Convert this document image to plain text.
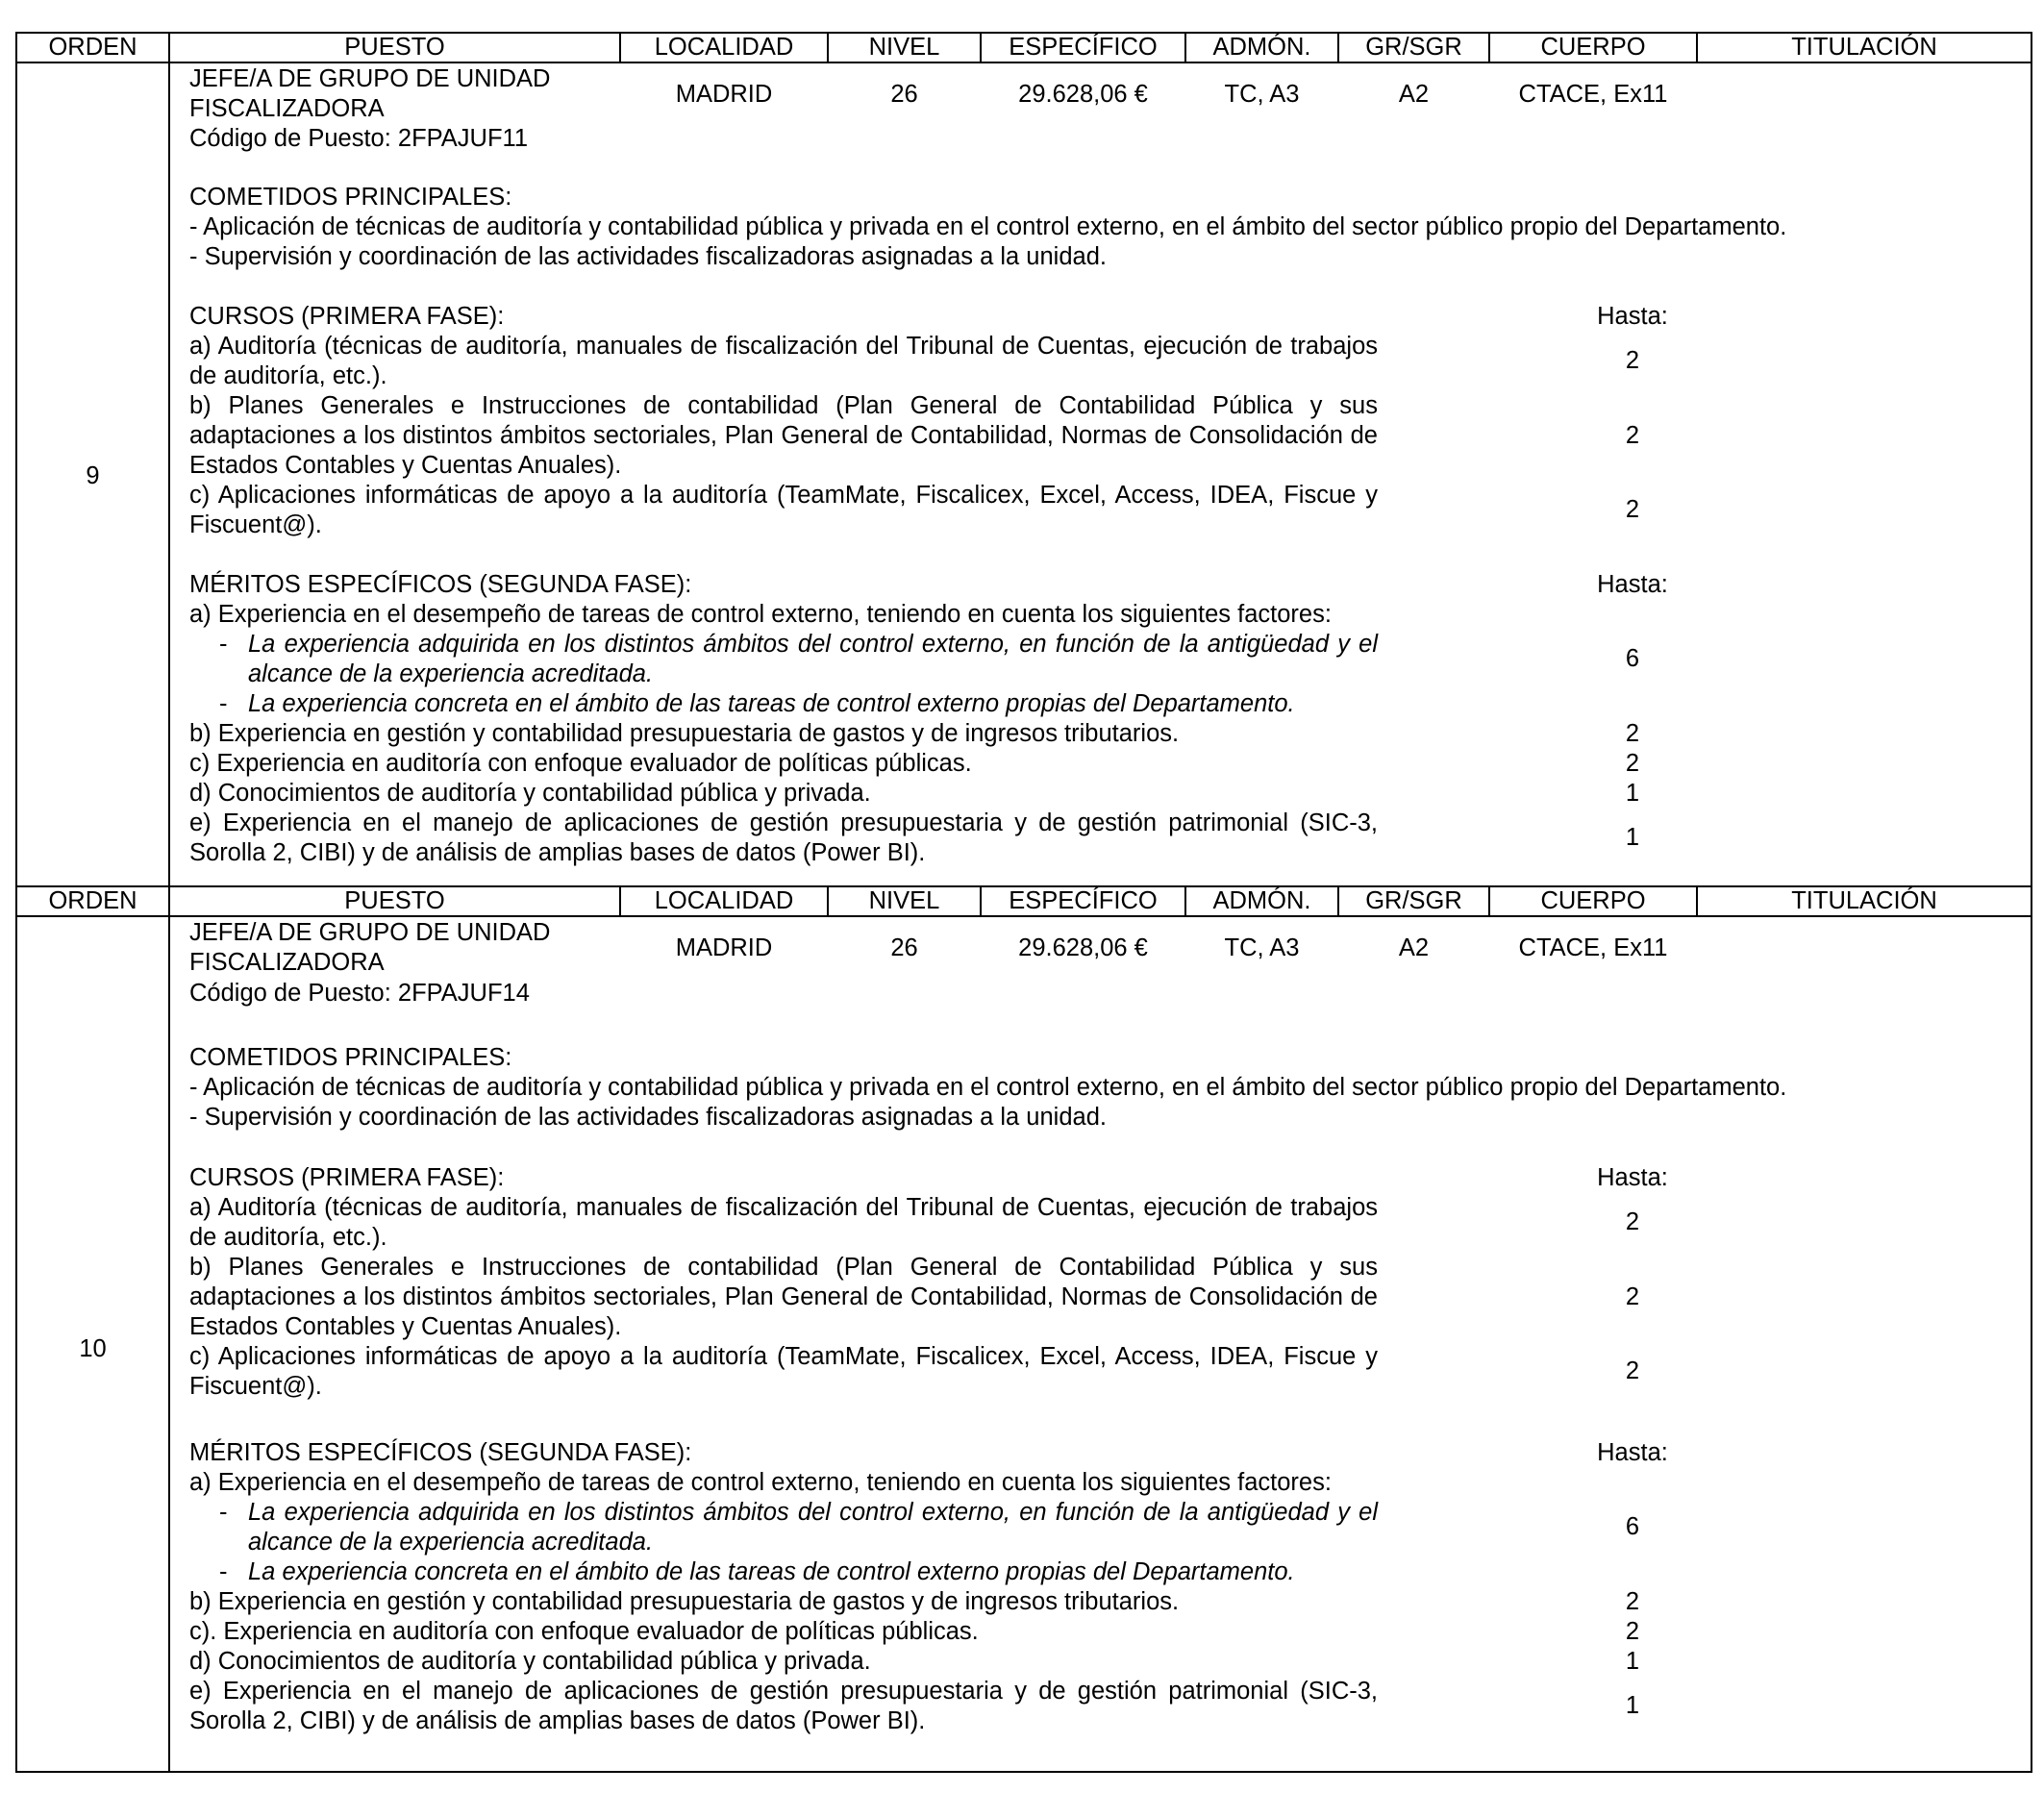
ORDEN	PUESTO	LOCALIDAD	NIVEL	ESPECÍFICO	ADMÓN.	GR/SGR	CUERPO	TITULACIÓN
9
JEFE/A DE GRUPO DE UNIDAD
FISCALIZADORA
Código de Puesto: 2FPAJUF11
MADRID	26	29.628,06 €	TC, A3	A2	CTACE, Ex11
COMETIDOS PRINCIPALES:
- Aplicación de técnicas de auditoría y contabilidad pública y privada en el control externo, en el ámbito del sector público propio del Departamento.
- Supervisión y coordinación de las actividades fiscalizadoras asignadas a la unidad.
CURSOS (PRIMERA FASE):	Hasta:
a) Auditoría (técnicas de auditoría, manuales de fiscalización del Tribunal de Cuentas, ejecución de trabajos de auditoría, etc.).
2
b) Planes Generales e Instrucciones de contabilidad (Plan General de Contabilidad Pública y sus adaptaciones a los distintos ámbitos sectoriales, Plan General de Contabilidad, Normas de Consolidación de Estados Contables y Cuentas Anuales).
2
c) Aplicaciones informáticas de apoyo a la auditoría (TeamMate, Fiscalicex, Excel, Access, IDEA, Fiscue y Fiscuent@).
2
MÉRITOS ESPECÍFICOS (SEGUNDA FASE):	Hasta:
a) Experiencia en el desempeño de tareas de control externo, teniendo en cuenta los siguientes factores:
- La experiencia adquirida en los distintos ámbitos del control externo, en función de la antigüedad y el alcance de la experiencia acreditada.
- La experiencia concreta en el ámbito de las tareas de control externo propias del Departamento.
6
b) Experiencia en gestión y contabilidad presupuestaria de gastos y de ingresos tributarios.	2
c) Experiencia en auditoría con enfoque evaluador de políticas públicas.	2
d) Conocimientos de auditoría y contabilidad pública y privada.	1
e) Experiencia en el manejo de aplicaciones de gestión presupuestaria y de gestión patrimonial (SIC-3, Sorolla 2, CIBI) y de análisis de amplias bases de datos (Power BI).
1
ORDEN	PUESTO	LOCALIDAD	NIVEL	ESPECÍFICO	ADMÓN.	GR/SGR	CUERPO	TITULACIÓN
10
JEFE/A DE GRUPO DE UNIDAD
FISCALIZADORA
Código de Puesto: 2FPAJUF14
MADRID	26	29.628,06 €	TC, A3	A2	CTACE, Ex11
COMETIDOS PRINCIPALES:
- Aplicación de técnicas de auditoría y contabilidad pública y privada en el control externo, en el ámbito del sector público propio del Departamento.
- Supervisión y coordinación de las actividades fiscalizadoras asignadas a la unidad.
CURSOS (PRIMERA FASE):	Hasta:
a) Auditoría (técnicas de auditoría, manuales de fiscalización del Tribunal de Cuentas, ejecución de trabajos de auditoría, etc.).
2
b) Planes Generales e Instrucciones de contabilidad (Plan General de Contabilidad Pública y sus adaptaciones a los distintos ámbitos sectoriales, Plan General de Contabilidad, Normas de Consolidación de Estados Contables y Cuentas Anuales).
2
c) Aplicaciones informáticas de apoyo a la auditoría (TeamMate, Fiscalicex, Excel, Access, IDEA, Fiscue y Fiscuent@).
2
MÉRITOS ESPECÍFICOS (SEGUNDA FASE):	Hasta:
a) Experiencia en el desempeño de tareas de control externo, teniendo en cuenta los siguientes factores:
- La experiencia adquirida en los distintos ámbitos del control externo, en función de la antigüedad y el alcance de la experiencia acreditada.
- La experiencia concreta en el ámbito de las tareas de control externo propias del Departamento.
6
b) Experiencia en gestión y contabilidad presupuestaria de gastos y de ingresos tributarios.	2
c). Experiencia en auditoría con enfoque evaluador de políticas públicas.	2
d) Conocimientos de auditoría y contabilidad pública y privada.	1
e) Experiencia en el manejo de aplicaciones de gestión presupuestaria y de gestión patrimonial (SIC-3, Sorolla 2, CIBI) y de análisis de amplias bases de datos (Power BI).
1
